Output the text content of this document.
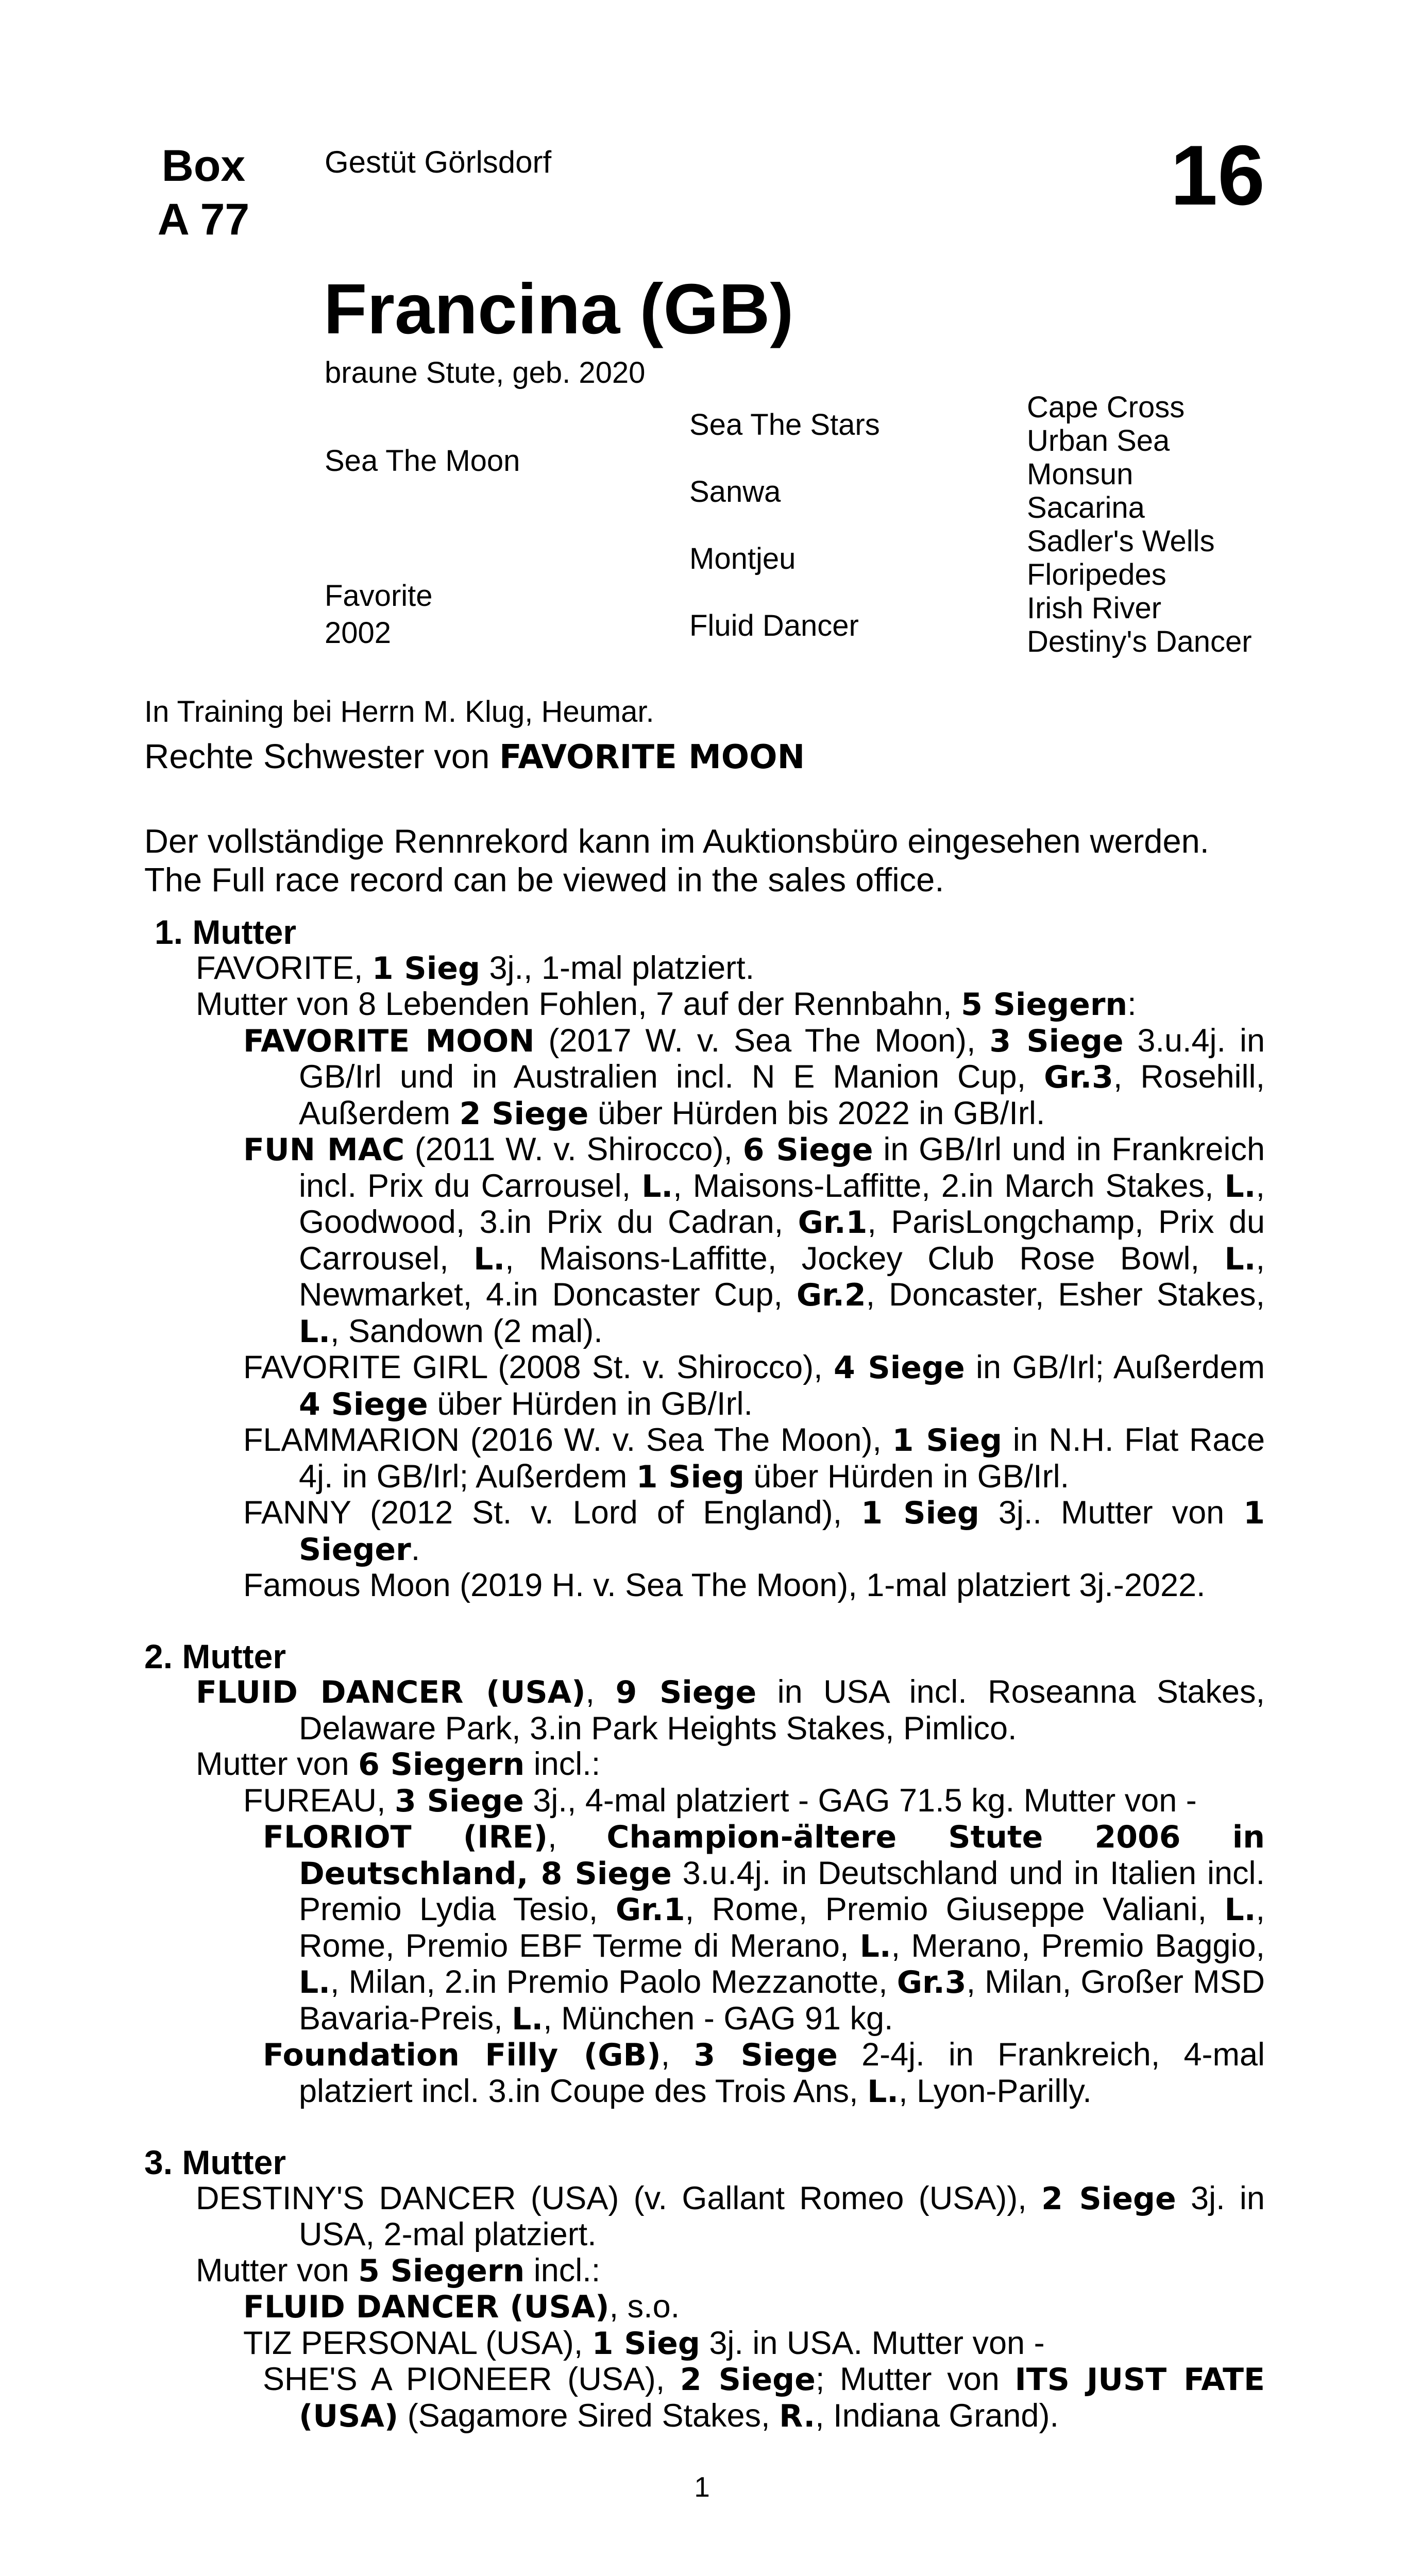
Box
A 77
Gestüt Görlsdorf	16
Francina (GB)
braune Stute, geb. 2020
Sea The Moon
Favorite
2002
Sea The Stars
Sanwa
Montjeu
Fluid Dancer
Cape Cross
Urban Sea
Monsun
Sacarina
Sadler's Wells
Floripedes
Irish River
Destiny's Dancer
In Training bei Herrn M. Klug, Heumar.
Rechte Schwester von FAVORITE MOON
Der vollständige Rennrekord kann im Auktionsbüro eingesehen werden.
The Full race record can be viewed in the sales office.

1. Mutter

FAVORITE, 1 Sieg 3j., 1-mal platziert.

Mutter von 8 Lebenden Fohlen, 7 auf der Rennbahn, 5 Siegern:

FAVORITE MOON (2017 W. v. Sea The Moon), 3 Siege 3.u.4j. in GB/Irl und in Australien incl. N E Manion Cup, Gr.3, Rosehill, Außerdem 2 Siege über Hürden bis 2022 in GB/Irl.

FUN MAC (2011 W. v. Shirocco), 6 Siege in GB/Irl und in Frankreich incl. Prix du Carrousel, L., Maisons-Laffitte, 2.in March Stakes, L., Goodwood, 3.in Prix du Cadran, Gr.1, ParisLongchamp, Prix du Carrousel, L., Maisons-Laffitte, Jockey Club Rose Bowl, L., Newmarket, 4.in Doncaster Cup, Gr.2, Doncaster, Esher Stakes, L., Sandown (2 mal).

FAVORITE GIRL (2008 St. v. Shirocco), 4 Siege in GB/Irl; Außerdem 4 Siege über Hürden in GB/Irl.

FLAMMARION (2016 W. v. Sea The Moon), 1 Sieg in N.H. Flat Race 4j. in GB/Irl; Außerdem 1 Sieg über Hürden in GB/Irl.

FANNY (2012 St. v. Lord of England), 1 Sieg 3j.. Mutter von 1 Sieger.

Famous Moon (2019 H. v. Sea The Moon), 1-mal platziert 3j.-2022.

2. Mutter

FLUID DANCER (USA), 9 Siege in USA incl. Roseanna Stakes, Delaware Park, 3.in Park Heights Stakes, Pimlico.

Mutter von 6 Siegern incl.:

FUREAU, 3 Siege 3j., 4-mal platziert - GAG 71.5 kg. Mutter von -

FLORIOT (IRE), Champion-ältere Stute 2006 in Deutschland, 8 Siege 3.u.4j. in Deutschland und in Italien incl. Premio Lydia Tesio, Gr.1, Rome, Premio Giuseppe Valiani, L., Rome, Premio EBF Terme di Merano, L., Merano, Premio Baggio, L., Milan, 2.in Premio Paolo Mezzanotte, Gr.3, Milan, Großer MSD Bavaria-Preis, L., München - GAG 91 kg.

Foundation Filly (GB), 3 Siege 2-4j. in Frankreich, 4-mal platziert incl. 3.in Coupe des Trois Ans, L., Lyon-Parilly.

3. Mutter

DESTINY'S DANCER (USA) (v. Gallant Romeo (USA)), 2 Siege 3j. in USA, 2-mal platziert.

Mutter von 5 Siegern incl.:

FLUID DANCER (USA), s.o.

TIZ PERSONAL (USA), 1 Sieg 3j. in USA. Mutter von -

SHE'S A PIONEER (USA), 2 Siege; Mutter von ITS JUST FATE (USA) (Sagamore Sired Stakes, R., Indiana Grand).

1
